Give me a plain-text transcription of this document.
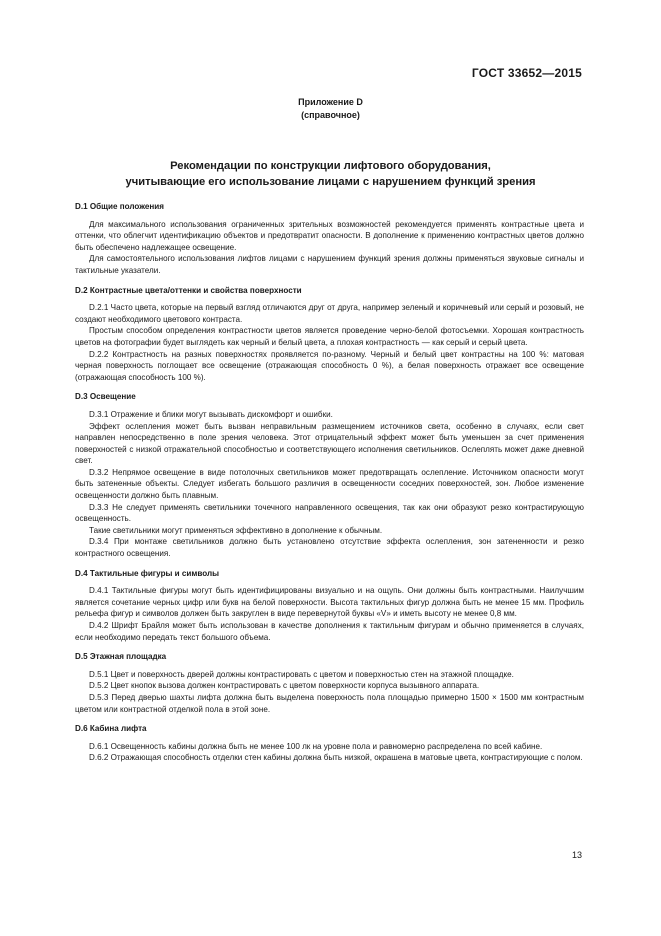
ГОСТ 33652—2015
Приложение D
(справочное)
Рекомендации по конструкции лифтового оборудования,
учитывающие его использование лицами с нарушением функций зрения
D.1 Общие положения

Для максимального использования ограниченных зрительных возможностей рекомендуется применять контрастные цвета и оттенки, что облегчит идентификацию объектов и предотвратит опасности. В дополнение к применению контрастных цветов должно быть обеспечено надлежащее освещение.

Для самостоятельного использования лифтов лицами с нарушением функций зрения должны применяться звуковые сигналы и тактильные указатели.

D.2 Контрастные цвета/оттенки и свойства поверхности

D.2.1 Часто цвета, которые на первый взгляд отличаются друг от друга, например зеленый и коричневый или серый и розовый, не создают необходимого цветового контраста.

Простым способом определения контрастности цветов является проведение черно-белой фотосъемки. Хорошая контрастность цветов на фотографии будет выглядеть как черный и белый цвета, а плохая контрастность — как серый и серый цвета.

D.2.2 Контрастность на разных поверхностях проявляется по-разному. Черный и белый цвет контрастны на 100 %: матовая черная поверхность поглощает все освещение (отражающая способность 0 %), а белая поверхность отражает все освещение (отражающая способность 100 %).

D.3 Освещение

D.3.1 Отражение и блики могут вызывать дискомфорт и ошибки.

Эффект ослепления может быть вызван неправильным размещением источников света, особенно в случаях, если свет направлен непосредственно в поле зрения человека. Этот отрицательный эффект может быть уменьшен за счет применения поверхностей с низкой отражательной способностью и соответствующего исполнения светильников. Ослеплять может даже дневной свет.

D.3.2 Непрямое освещение в виде потолочных светильников может предотвращать ослепление. Источником опасности могут быть затененные объекты. Следует избегать большого различия в освещенности соседних поверхностей, зон. Любое изменение освещенности должно быть плавным.

D.3.3 Не следует применять светильники точечного направленного освещения, так как они образуют резко контрастирующую освещенность.

Такие светильники могут применяться эффективно в дополнение к обычным.

D.3.4 При монтаже светильников должно быть установлено отсутствие эффекта ослепления, зон затененности и резко контрастного освещения.

D.4 Тактильные фигуры и символы

D.4.1 Тактильные фигуры могут быть идентифицированы визуально и на ощупь. Они должны быть контрастными. Наилучшим является сочетание черных цифр или букв на белой поверхности. Высота тактильных фигур должна быть не менее 15 мм. Профиль рельефа фигур и символов должен быть закруглен в виде перевернутой буквы «V» и иметь высоту не менее 0,8 мм.

D.4.2 Шрифт Брайля может быть использован в качестве дополнения к тактильным фигурам и обычно применяется в случаях, если необходимо передать текст большого объема.

D.5 Этажная площадка

D.5.1 Цвет и поверхность дверей должны контрастировать с цветом и поверхностью стен на этажной площадке.

D.5.2 Цвет кнопок вызова должен контрастировать с цветом поверхности корпуса вызывного аппарата.

D.5.3 Перед дверью шахты лифта должна быть выделена поверхность пола площадью примерно 1500 × 1500 мм контрастным цветом или контрастной отделкой пола в этой зоне.

D.6 Кабина лифта

D.6.1 Освещенность кабины должна быть не менее 100 лк на уровне пола и равномерно распределена по всей кабине.

D.6.2 Отражающая способность отделки стен кабины должна быть низкой, окрашена в матовые цвета, контрастирующие с полом.

13
